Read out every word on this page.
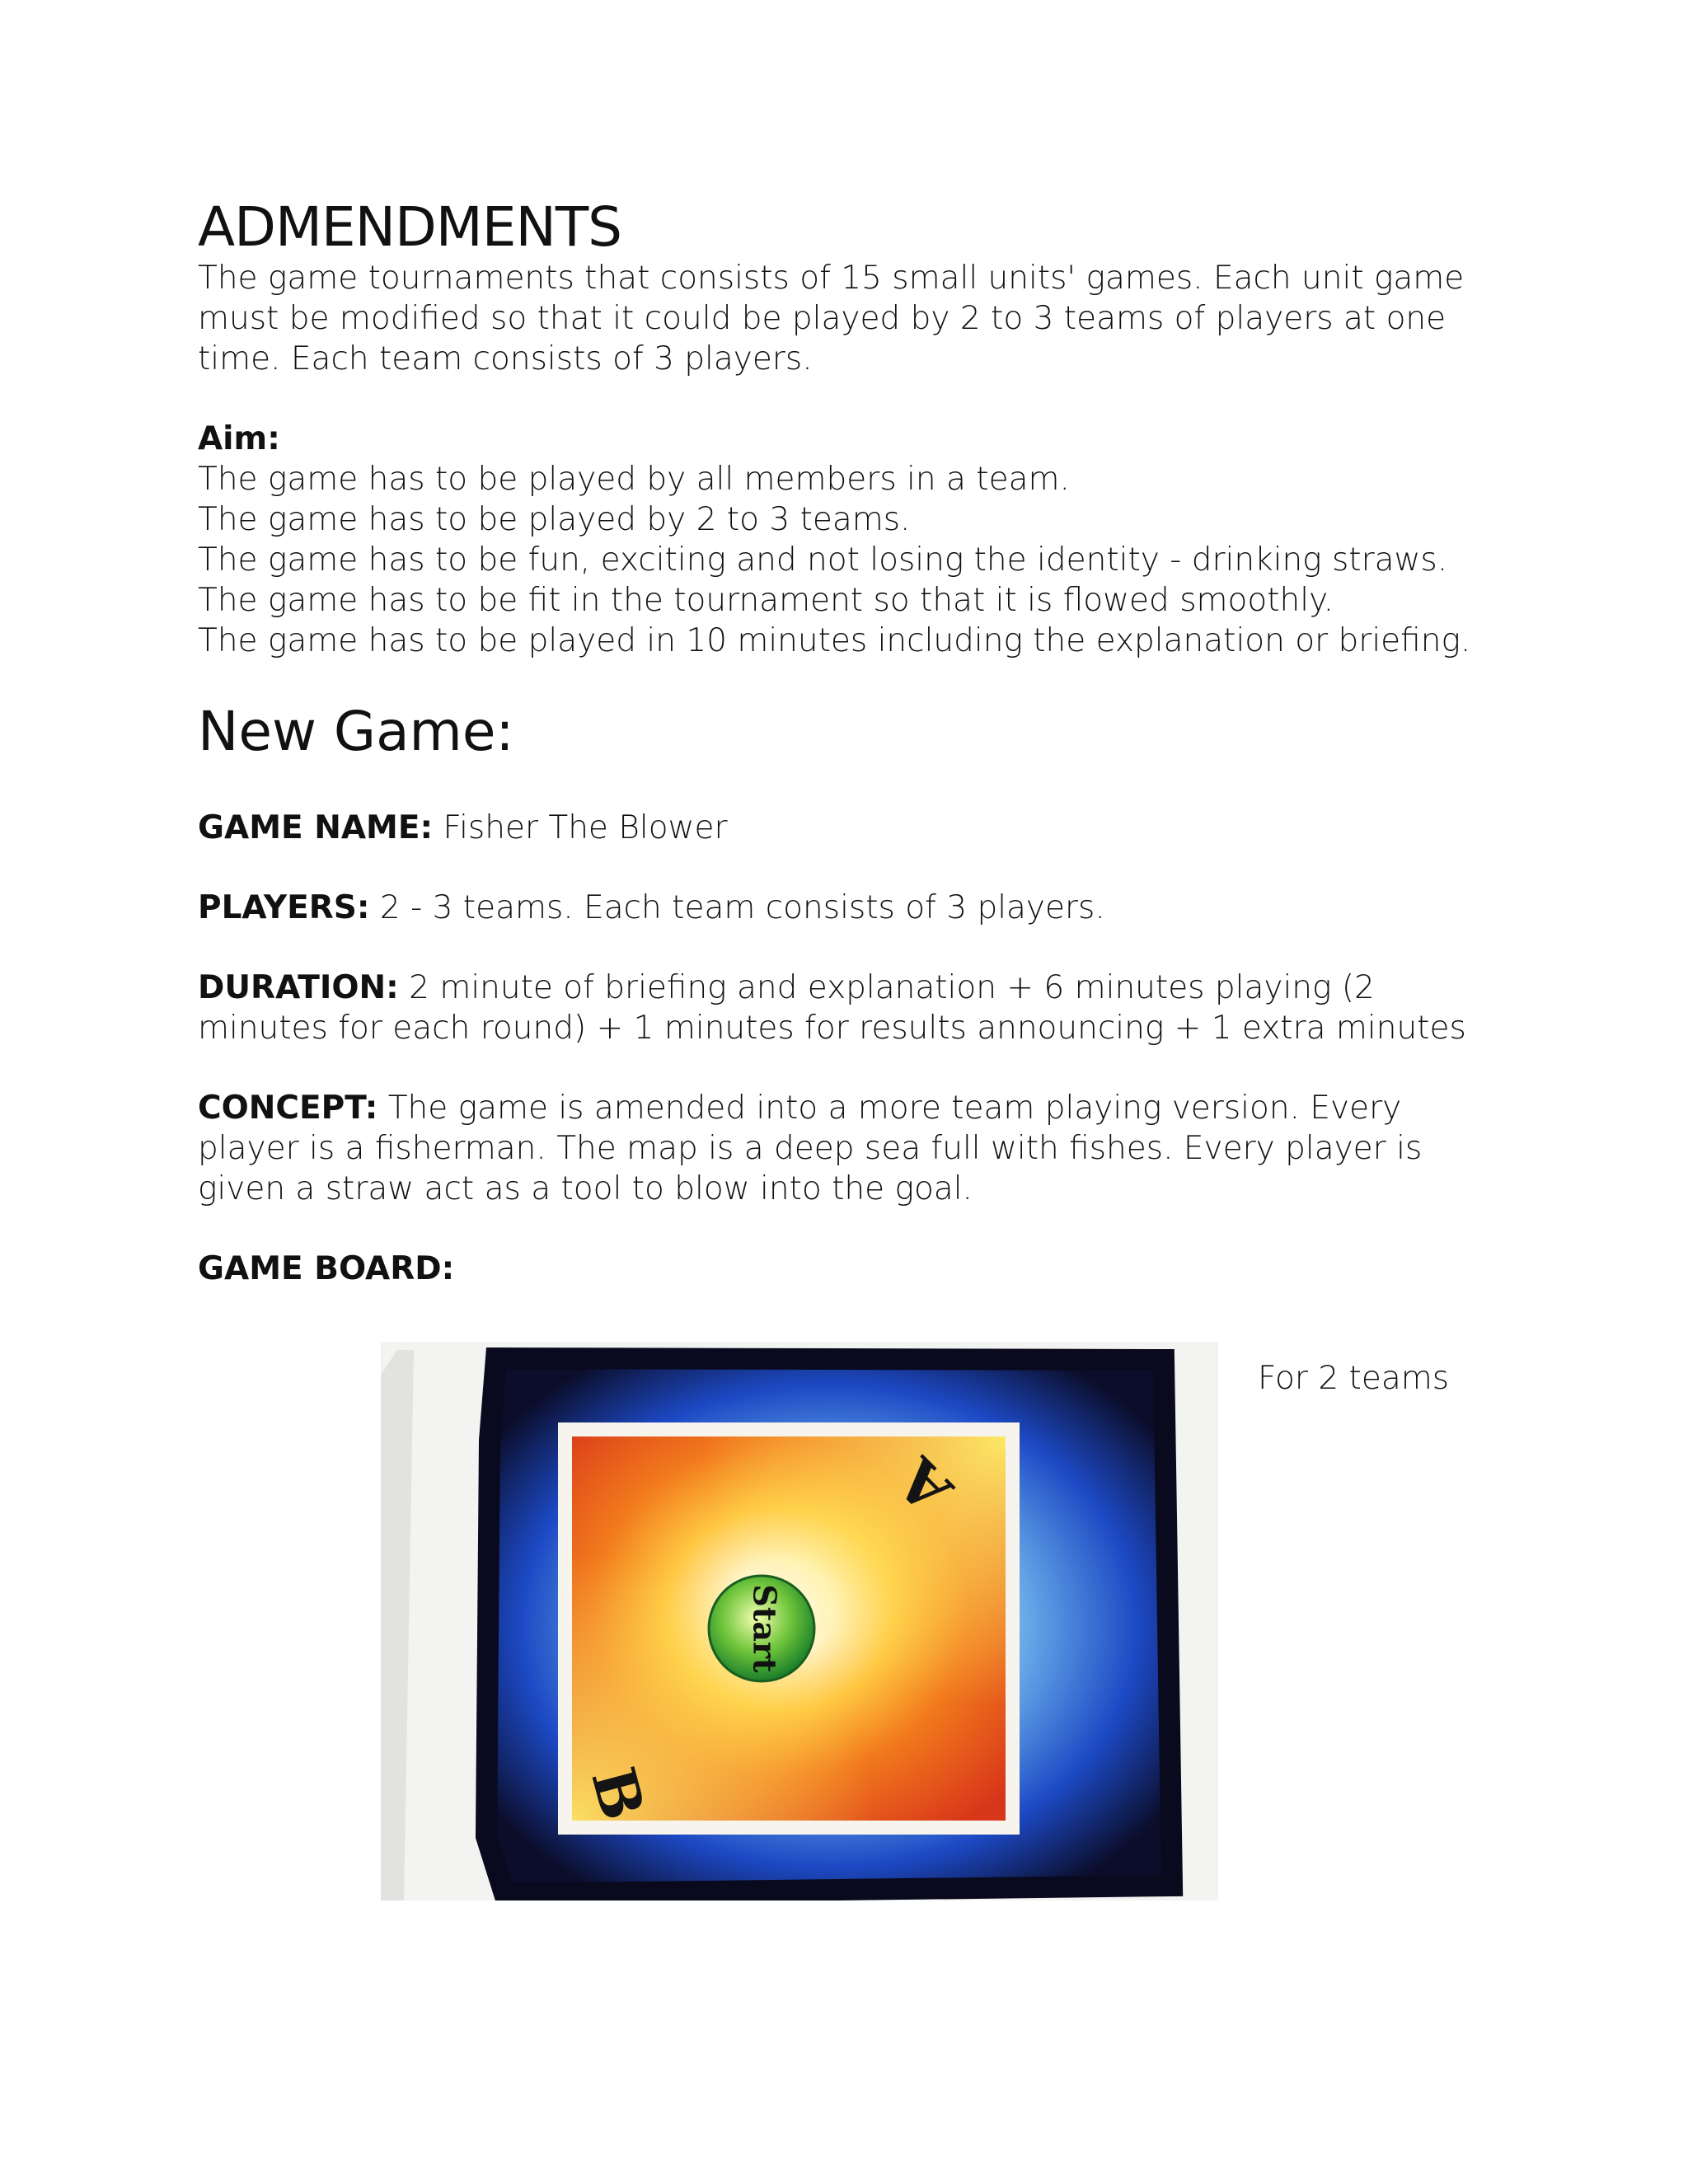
ADMENDMENTS

The game tournaments that consists of 15 small units' games. Each unit game must be modified so that it could be played by 2 to 3 teams of players at one time. Each team consists of 3 players.

Aim:

The game has to be played by all members in a team.
The game has to be played by 2 to 3 teams.
The game has to be fun, exciting and not losing the identity - drinking straws.
The game has to be fit in the tournament so that it is flowed smoothly.
The game has to be played in 10 minutes including the explanation or briefing.
New Game:

GAME NAME: Fisher The Blower

PLAYERS: 2 - 3 teams. Each team consists of 3 players.

DURATION: 2 minute of briefing and explanation + 6 minutes playing (2 minutes for each round) + 1 minutes for results announcing + 1 extra minutes

CONCEPT: The game is amended into a more team playing version. Every player is a fisherman. The map is a deep sea full with fishes. Every player is given a straw act as a tool to blow into the goal.

GAME BOARD:

Start
A
B
For 2 teams
